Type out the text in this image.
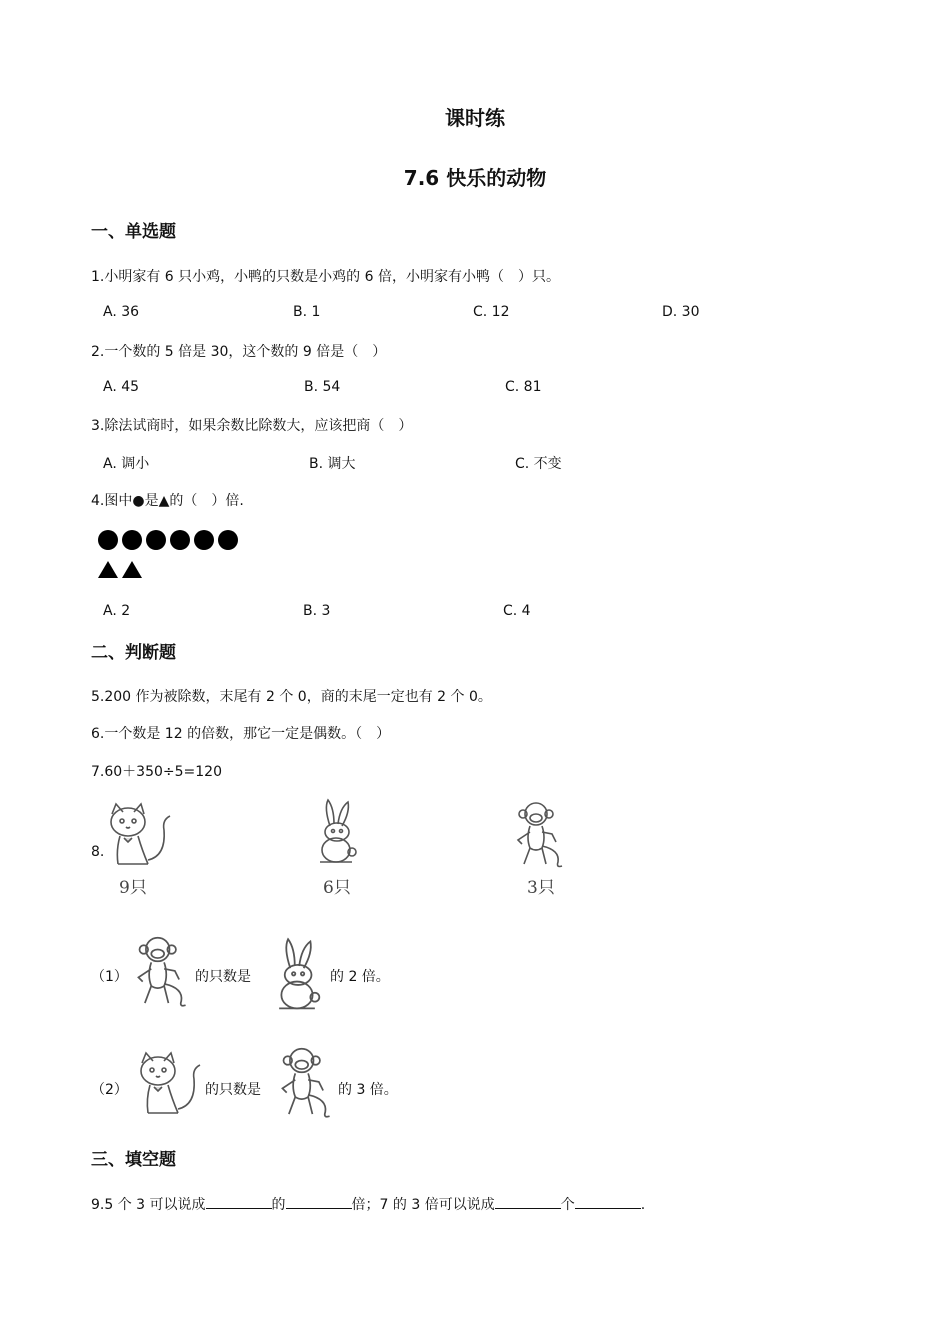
课时练
7.6 快乐的动物
一、单选题
1.小明家有 6 只小鸡，小鸭的只数是小鸡的 6 倍，小明家有小鸭（　）只。
A. 36	B. 1	C. 12	D. 30
2.一个数的 5 倍是 30，这个数的 9 倍是（　）
A. 45	B. 54	C. 81
3.除法试商时，如果余数比除数大，应该把商（　）
A. 调小	B. 调大	C. 不变
4.图中●是▲的（　）倍.
A. 2	B. 3	C. 4
二、判断题
5.200 作为被除数，末尾有 2 个 0，商的末尾一定也有 2 个 0。
6.一个数是 12 的倍数，那它一定是偶数。（　）
7.60＋350÷5=120
8.
9只	6只	3只
（1）	的只数是	的 2 倍。
（2）	的只数是	的 3 倍。
三、填空题
9.5 个 3 可以说成	的	倍；7 的 3 倍可以说成	个	.
